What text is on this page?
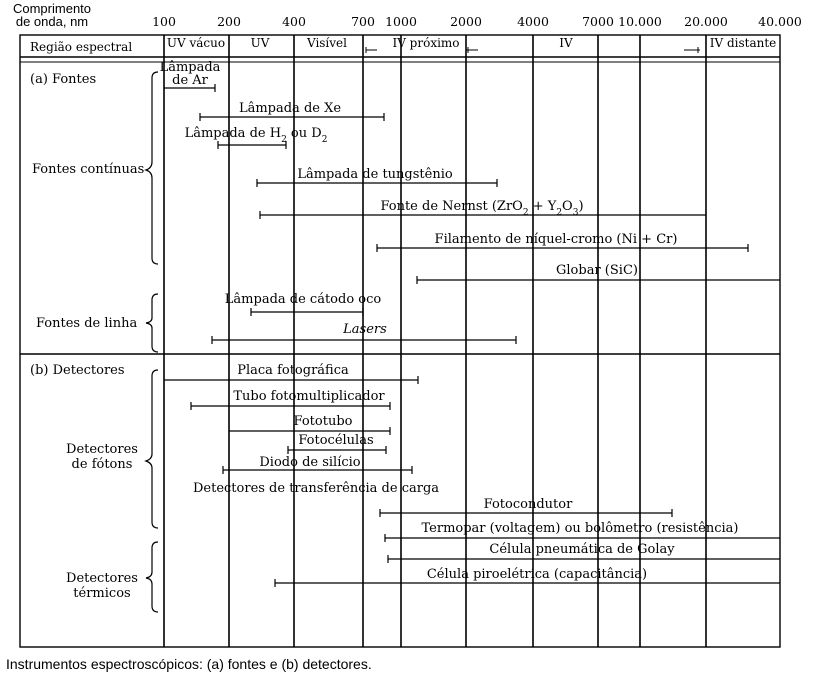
Comprimento
de onda, nm	100	200	400	700 1000	2000	4000	7000 10.000 20.000 40.000
Região espectral	UV vácuo UV	Visível	IV próximo	IV	IV distante
(a) Fontes
(b) Detectores
Fontes contínuas
Fontes de linha
Detectores
de fótons
Detectores
térmicos
Lâmpada
de Ar
Lâmpada de Xe
Lâmpada de $H_2$ ou $D_2$
Lâmpada de tungstênio
Fonte de Nernst $(ZrO_2 + Y_2O_3)$
Filamento de níquel-cromo (Ni + Cr)
Globar (SiC)
Lâmpada de cátodo oco
Lasers
Placa fotográfica
Tubo fotomultiplicador
Fototubo
Fotocélulas
Diodo de silício
Detectores de transferência de carga
Fotocondutor
Termopar (voltagem) ou bolômetro (resistência)
Célula pneumática de Golay
Célula piroelétrica (capacitância)
Instrumentos espectroscópicos: (a) fontes e (b) detectores.
